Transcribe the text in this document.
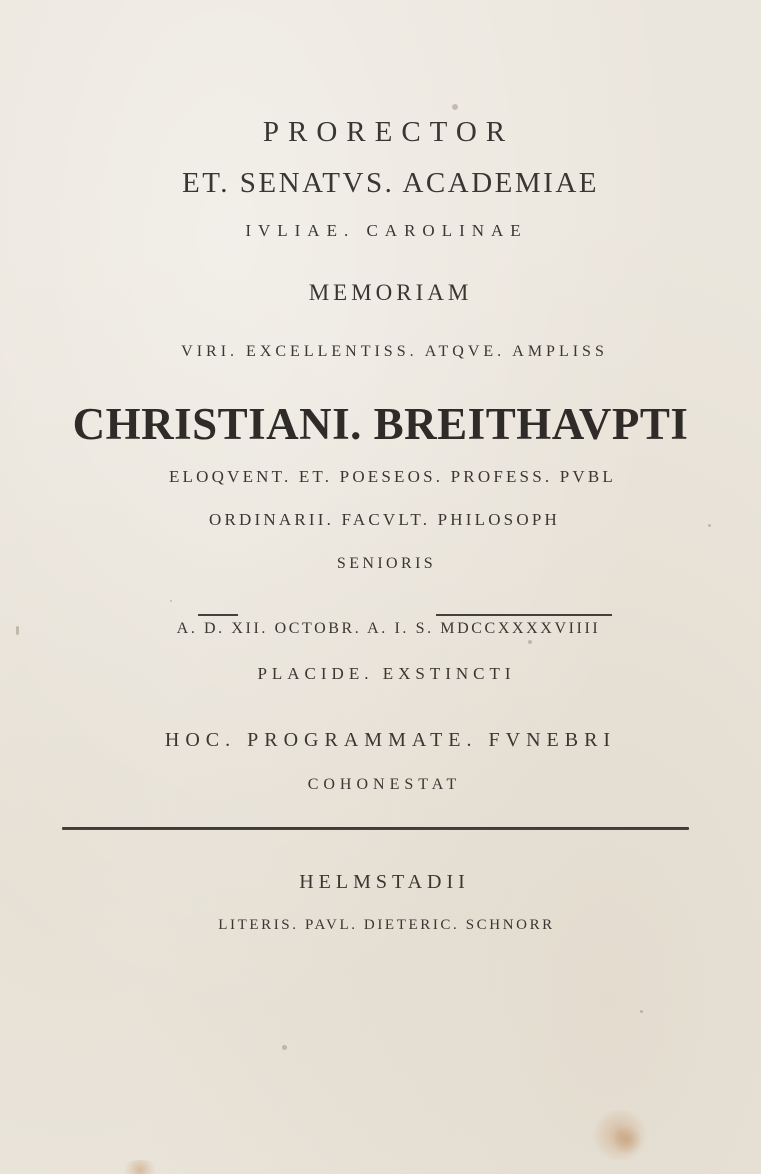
PRORECTOR
ET. SENATVS. ACADEMIAE
IVLIAE. CAROLINAE
MEMORIAM
VIRI. EXCELLENTISS. ATQVE. AMPLISS
CHRISTIANI. BREITHAVPTI
ELOQVENT. ET. POESEOS. PROFESS. PVBL
ORDINARII. FACVLT. PHILOSOPH
SENIORIS
A. D. XII. OCTOBR. A. I. S. MDCCXXXXVIIII
PLACIDE. EXSTINCTI
HOC. PROGRAMMATE. FVNEBRI
COHONESTAT
HELMSTADII
LITERIS. PAVL. DIETERIC. SCHNORR
